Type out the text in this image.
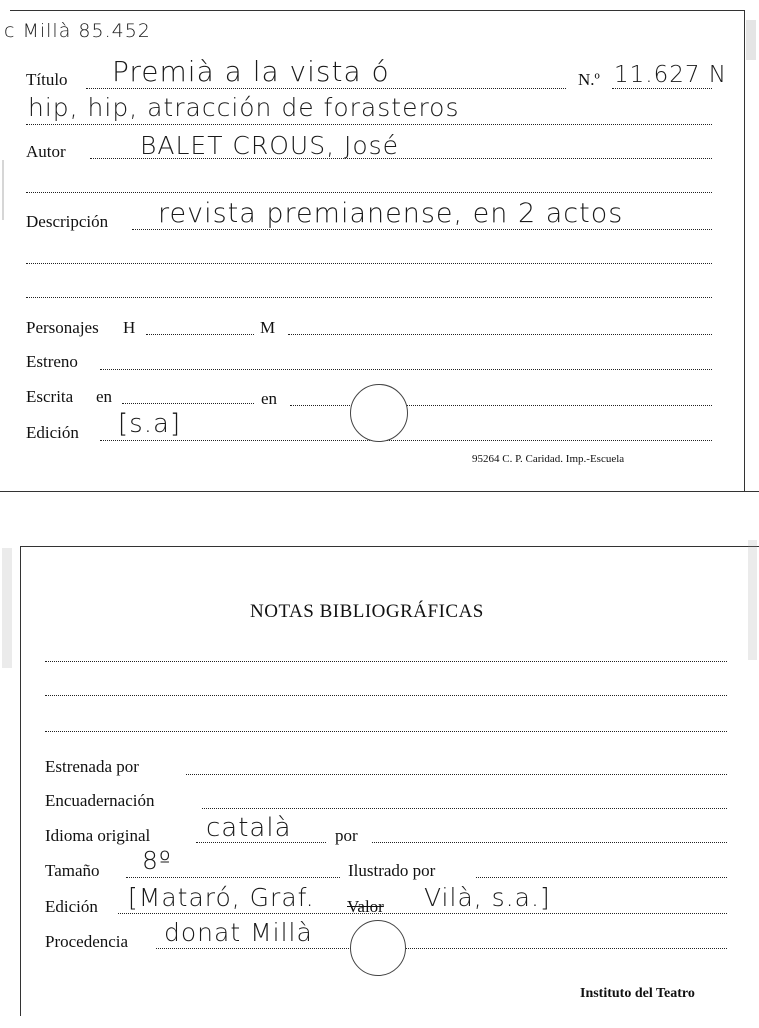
c Millà 85.452
Título Premià a la vista ó	N.º 11.627 N
hip, hip, atracción de forasteros
Autor	BALET CROUS, José
Descripción revista premianense, en 2 actos
Personajes H	M
Estreno
Escrita en	en
Edición [s.a]
95264 C. P. Caridad. Imp.-Escuela
NOTAS BIBLIOGRÁFICAS
Estrenada por
Encuadernación
Idioma original català	por
Tamaño 8º	Ilustrado por
Edición [Mataró, Graf. Valor Vilà, s.a.]
Procedencia donat Millà
Instituto del Teatro
